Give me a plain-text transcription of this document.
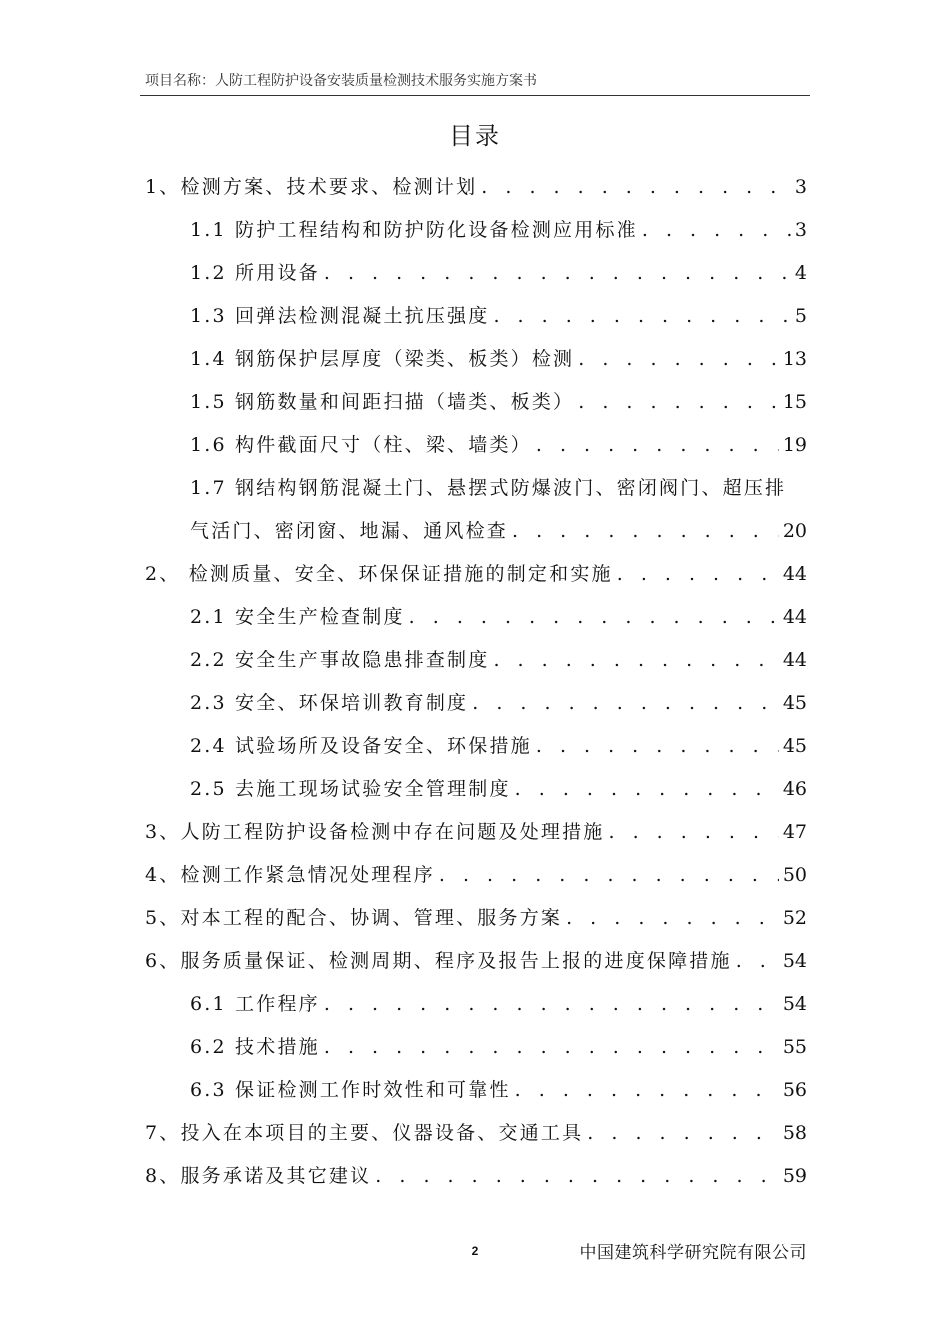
项目名称：人防工程防护设备安装质量检测技术服务实施方案书
目录
1、检测方案、技术要求、检测计划 . . .	3
1.1 防护工程结构和防护防化设备检测应用标准 . . .	3
1.2 所用设备 . . .	4
1.3 回弹法检测混凝土抗压强度 . . .	5
1.4 钢筋保护层厚度（梁类、板类）检测 . . .	13
1.5 钢筋数量和间距扫描（墙类、板类） . . .	15
1.6 构件截面尺寸（柱、梁、墙类） . . .	19
1.7 钢结构钢筋混凝土门、悬摆式防爆波门、密闭阀门、超压排
气活门、密闭窗、地漏、通风检查 . . .	20
2、 检测质量、安全、环保保证措施的制定和实施 . . .	44
2.1 安全生产检查制度 . . .	44
2.2 安全生产事故隐患排查制度 . . .	44
2.3 安全、环保培训教育制度 . . .	45
2.4 试验场所及设备安全、环保措施 . . .	45
2.5 去施工现场试验安全管理制度 . . .	46
3、人防工程防护设备检测中存在问题及处理措施 . . .	47
4、检测工作紧急情况处理程序 . . .	50
5、对本工程的配合、协调、管理、服务方案 . . .	52
6、服务质量保证、检测周期、程序及报告上报的进度保障措施 . . .	54
6.1 工作程序 . . .	54
6.2 技术措施 . . .	55
6.3 保证检测工作时效性和可靠性 . . .	56
7、投入在本项目的主要、仪器设备、交通工具 . . .	58
8、服务承诺及其它建议 . . .	59
2	中国建筑科学研究院有限公司
